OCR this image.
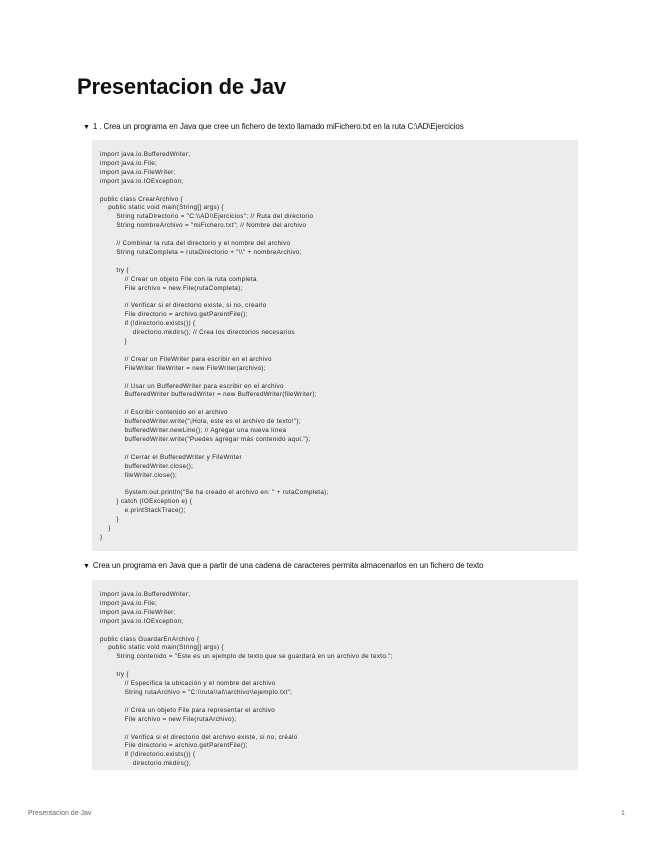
Presentacion de Jav
▼ 1 . Crea un programa en Java que cree un fichero de texto llamado miFichero.txt en la ruta C:\AD\Ejercicios
import java.io.BufferedWriter;
import java.io.File;
import java.io.FileWriter;
import java.io.IOException;

public class CrearArchivo {
public static void main(String[] args) {
String rutaDirectorio = "C:\\AD\\Ejercicios"; // Ruta del directorio
String nombreArchivo = "miFichero.txt"; // Nombre del archivo

// Combinar la ruta del directorio y el nombre del archivo
String rutaCompleta = rutaDirectorio + "\\" + nombreArchivo;

try {
// Crear un objeto File con la ruta completa
File archivo = new File(rutaCompleta);

// Verificar si el directorio existe, si no, crearlo
File directorio = archivo.getParentFile();
if (!directorio.exists()) {
directorio.mkdirs(); // Crea los directorios necesarios
}

// Crear un FileWriter para escribir en el archivo
FileWriter fileWriter = new FileWriter(archivo);

// Usar un BufferedWriter para escribir en el archivo
BufferedWriter bufferedWriter = new BufferedWriter(fileWriter);

// Escribir contenido en el archivo
bufferedWriter.write("¡Hola, este es el archivo de texto!");
bufferedWriter.newLine(); // Agregar una nueva línea
bufferedWriter.write("Puedes agregar más contenido aquí.");

// Cerrar el BufferedWriter y FileWriter
bufferedWriter.close();
fileWriter.close();

System.out.println("Se ha creado el archivo en: " + rutaCompleta);
} catch (IOException e) {
e.printStackTrace();
}
}
}
▼ Crea un programa en Java que a partir de una cadena de caracteres permita almacenarlos en un fichero de texto
import java.io.BufferedWriter;
import java.io.File;
import java.io.FileWriter;
import java.io.IOException;

public class GuardarEnArchivo {
public static void main(String[] args) {
String contenido = "Este es un ejemplo de texto que se guardará en un archivo de texto.";

try {
// Especifica la ubicación y el nombre del archivo
String rutaArchivo = "C:\\ruta\\al\\archivo\\ejemplo.txt";

// Crea un objeto File para representar el archivo
File archivo = new File(rutaArchivo);

// Verifica si el directorio del archivo existe, si no, créalo
File directorio = archivo.getParentFile();
if (!directorio.exists()) {
directorio.mkdirs();
Presentacion de Jav	1
